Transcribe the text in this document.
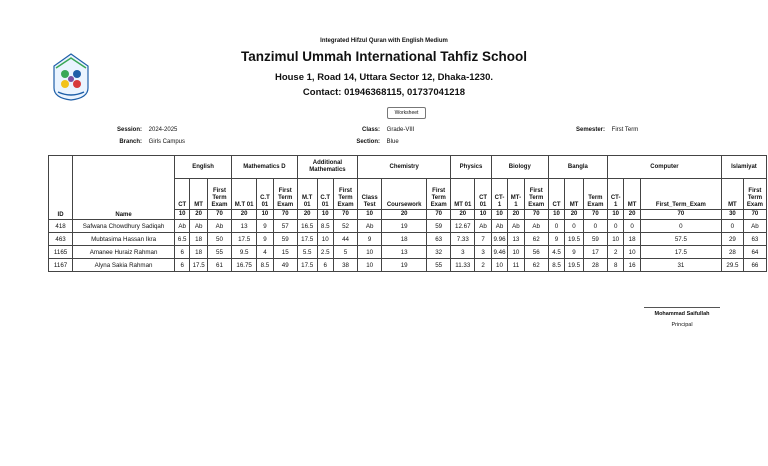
Integrated Hifzul Quran with English Medium
Tanzimul Ummah International Tahfiz School
House 1, Road 14, Uttara Sector 12, Dhaka-1230.
Contact: 01946368115, 01737041218
Worksheet
Session: 2024-2025
Branch: Girls Campus
Class: Grade-VIII
Section: Blue
Semester: First Term
ID	Name	English			Mathematics D			Additional Mathematics			Chemistry			Physics		Biology			Bangla			Computer			Islamiyat	
		CT	MT	First Term Exam	M.T 01	C.T 01	First Term Exam	M.T 01	C.T 01	First Term Exam	Class Test	Coursework	First Term Exam	MT 01	CT 01	CT- 1	MT- 1	First Term Exam	CT	MT	Term Exam	CT- 1	MT	First_Term_Exam	MT	First Term Exam
		10	20	70	20	10	70	20	10	70	10	20	70	20	10	10	20	70	10	20	70	10	20	70	30	70
418	Safwana Chowdhury Sadiqah	Ab	Ab	Ab	13	9	57	16.5	8.5	52	Ab	19	59	12.67	Ab	Ab	Ab	Ab	0	0	0	0	0	0	0	Ab
463	Mubtasima Hassan Ikra	6.5	18	50	17.5	9	59	17.5	10	44	9	18	63	7.33	7	9.96	13	62	9	19.5	59	10	18	57.5	29	63
1165	Amanee Huraiz Rahman	6	18	55	9.5	4	15	5.5	2.5	5	10	13	32	3	3	9.46	10	56	4.5	9	17	2	10	17.5	28	64
1167	Alyna Sakia Rahman	6	17.5	61	16.75	8.5	49	17.5	6	38	10	19	55	11.33	2	10	11	62	8.5	19.5	28	8	16	31	29.5	66
Mohammad Saifullah
Principal
